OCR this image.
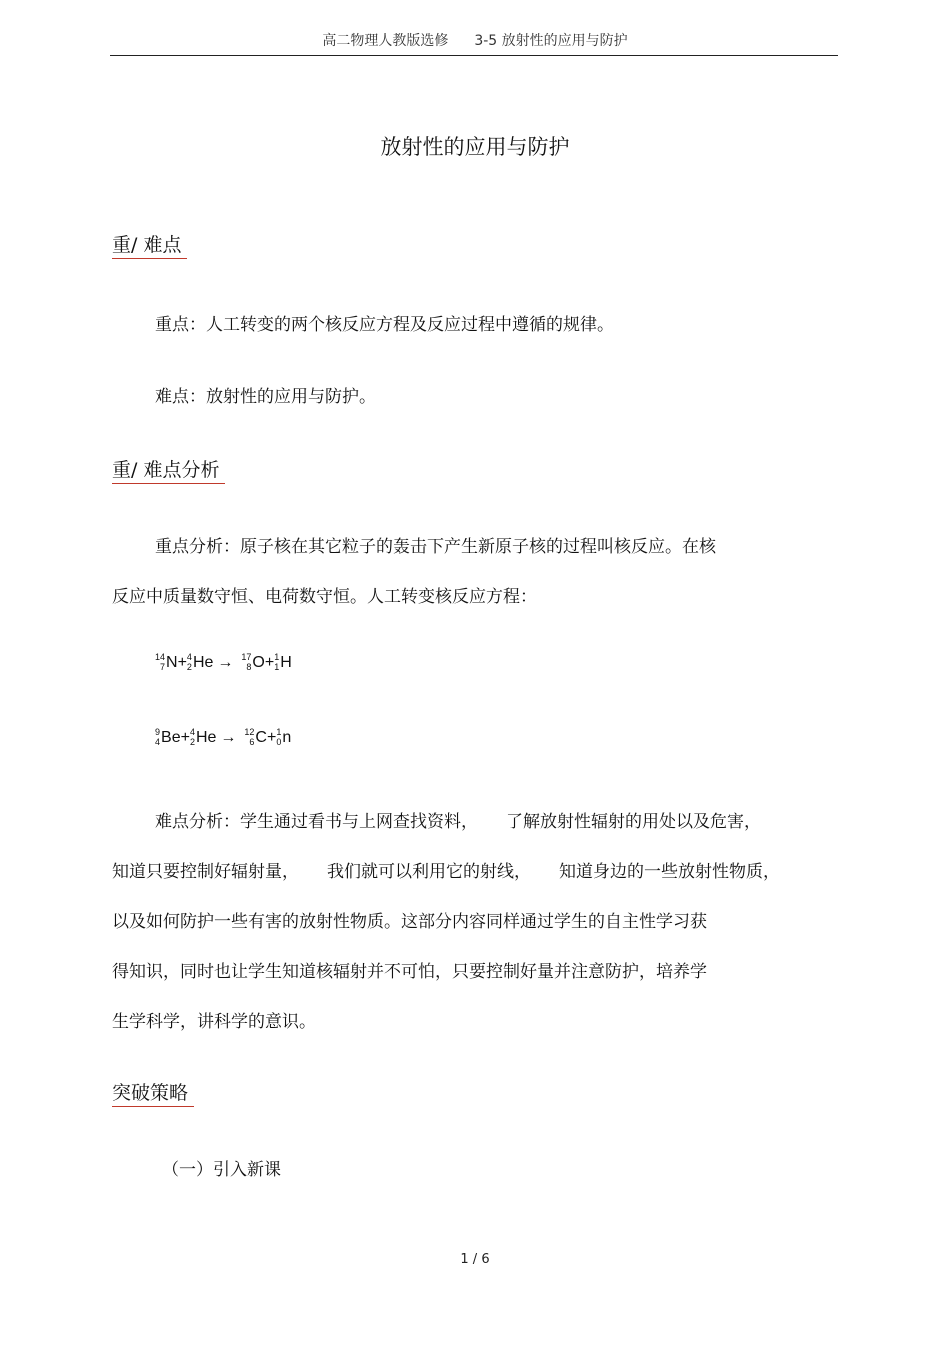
高二物理人教版选修 3-5 放射性的应用与防护
放射性的应用与防护
重/ 难点

重点：人工转变的两个核反应方程及反应过程中遵循的规律。

难点：放射性的应用与防护。

重/ 难点分析

重点分析：原子核在其它粒子的轰击下产生新原子核的过程叫核反应。在核

反应中质量数守恒、电荷数守恒。人工转变核反应方程：

14
7 N+ 4
2 He → 17
8 O+ 1
1 H
9
4 Be+ 4
2 He → 12
6 C+ 1
0 n

难点分析：学生通过看书与上网查找资料， 了解放射性辐射的用处以及危害，

知道只要控制好辐射量， 我们就可以利用它的射线， 知道身边的一些放射性物质，

以及如何防护一些有害的放射性物质。这部分内容同样通过学生的自主性学习获

得知识，同时也让学生知道核辐射并不可怕，只要控制好量并注意防护，培养学

生学科学，讲科学的意识。

突破策略

（一）引入新课

1 / 6
